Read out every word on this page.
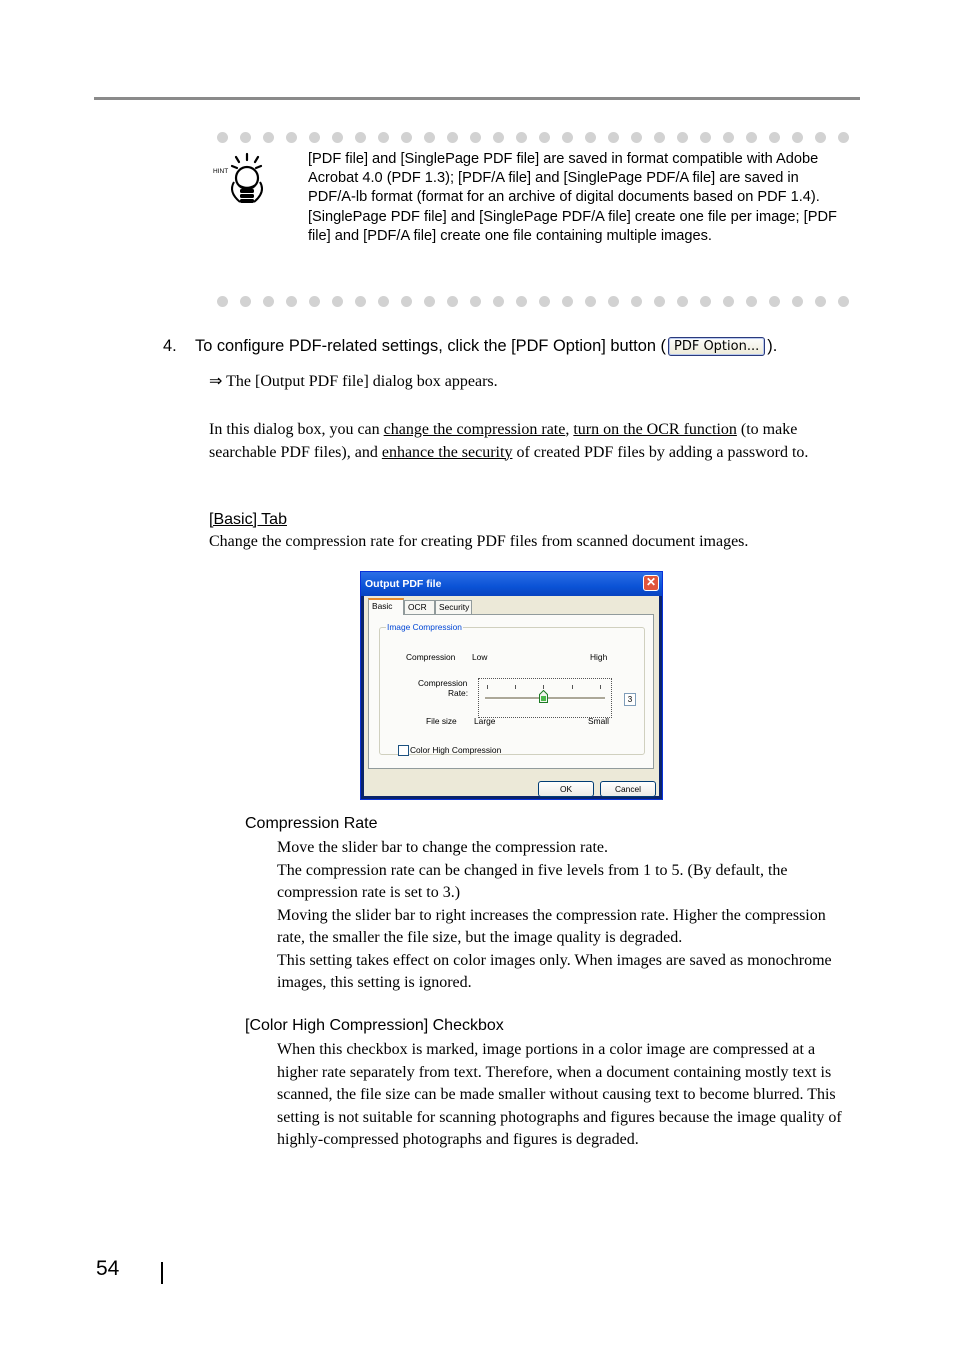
HINT

[PDF file] and [SinglePage PDF file] are saved in format compatible with Adobe Acrobat 4.0 (PDF 1.3); [PDF/A file] and [SinglePage PDF/A file] are saved in PDF/A-lb format (format for an archive of digital documents based on PDF 1.4).

[SinglePage PDF file] and [SinglePage PDF/A file] create one file per image; [PDF file] and [PDF/A file] create one file containing multiple images.

4. To configure PDF-related settings, click the [PDF Option] button ( PDF Option... ).
⇒ The [Output PDF file] dialog box appears.
In this dialog box, you can change the compression rate, turn on the OCR function (to make searchable PDF files), and enhance the security of created PDF files by adding a password to.
[Basic] Tab
Change the compression rate for creating PDF files from scanned document images.
Output PDF file	✕
Basic	OCR	Security
Image Compression
Compression Low	High
Compression
Rate:
3
File size Large	Small
Color High Compression
OK	Cancel
Compression Rate
Move the slider bar to change the compression rate.
The compression rate can be changed in five levels from 1 to 5. (By default, the compression rate is set to 3.)
Moving the slider bar to right increases the compression rate. Higher the compression rate, the smaller the file size, but the image quality is degraded.
This setting takes effect on color images only. When images are saved as monochrome images, this setting is ignored.
[Color High Compression] Checkbox
When this checkbox is marked, image portions in a color image are compressed at a higher rate separately from text. Therefore, when a document containing mostly text is scanned, the file size can be made smaller without causing text to become blurred. This setting is not suitable for scanning photographs and figures because the image quality of highly-compressed photographs and figures is degraded.
54
